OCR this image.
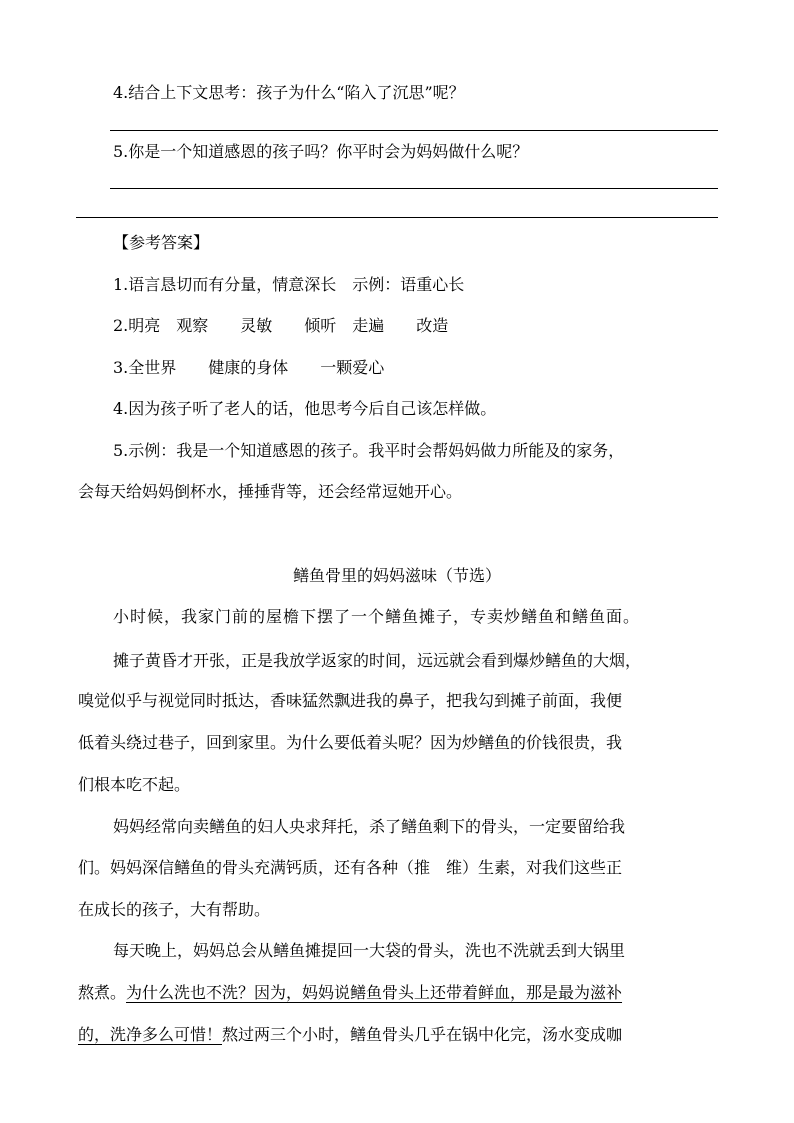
4.结合上下文思考：孩子为什么“陷入了沉思”呢？
5.你是一个知道感恩的孩子吗？你平时会为妈妈做什么呢？
【参考答案】
1.语言恳切而有分量，情意深长　示例：语重心长
2.明亮　观察　　灵敏　　倾听　走遍　　改造
3.全世界　　健康的身体　　一颗爱心
4.因为孩子听了老人的话，他思考今后自己该怎样做。
5.示例：我是一个知道感恩的孩子。我平时会帮妈妈做力所能及的家务，
会每天给妈妈倒杯水，捶捶背等，还会经常逗她开心。
鳝鱼骨里的妈妈滋味（节选）
小时候，我家门前的屋檐下摆了一个鳝鱼摊子，专卖炒鳝鱼和鳝鱼面。
摊子黄昏才开张，正是我放学返家的时间，远远就会看到爆炒鳝鱼的大烟，
嗅觉似乎与视觉同时抵达，香味猛然飘进我的鼻子，把我勾到摊子前面，我便
低着头绕过巷子，回到家里。为什么要低着头呢？因为炒鳝鱼的价钱很贵，我
们根本吃不起。
妈妈经常向卖鳝鱼的妇人央求拜托，杀了鳝鱼剩下的骨头，一定要留给我
们。妈妈深信鳝鱼的骨头充满钙质，还有各种（推　维）生素，对我们这些正
在成长的孩子，大有帮助。
每天晚上，妈妈总会从鳝鱼摊提回一大袋的骨头，洗也不洗就丢到大锅里
熬煮。为什么洗也不洗？因为，妈妈说鳝鱼骨头上还带着鲜血，那是最为滋补
的，洗净多么可惜！熬过两三个小时，鳝鱼骨头几乎在锅中化完，汤水变成咖
